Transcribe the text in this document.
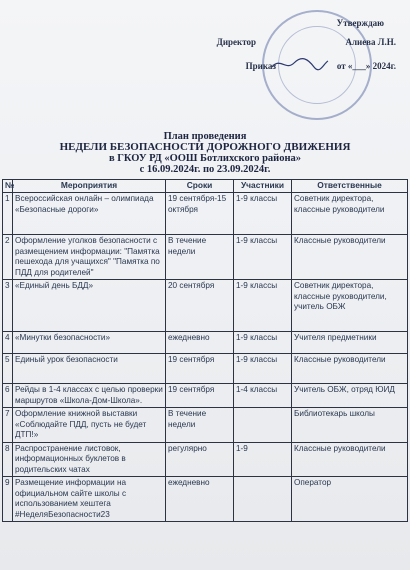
Утверждаю
Директор	Алиева Л.Н.
Приказ	от «___» 2024г.
План проведения
НЕДЕЛИ БЕЗОПАСНОСТИ ДОРОЖНОГО ДВИЖЕНИЯ
в ГКОУ РД «ООШ Ботлихского района»
с 16.09.2024г. по 23.09.2024г.
№	Мероприятия	Сроки	Участники	Ответственные
1	Всероссийская онлайн – олимпиада «Безопасные дороги»	19 сентября-15 октября	1-9 классы	Советник директора, классные руководители
2	Оформление уголков безопасности с размещением информации: "Памятка пешехода для учащихся" "Памятка по ПДД для родителей"	В течение недели	1-9 классы	Классные руководители
3	«Единый день БДД»	20 сентября	1-9 классы	Советник директора, классные руководители, учитель ОБЖ
4	«Минутки безопасности»	ежедневно	1-9 классы	Учителя предметники
5	Единый урок безопасности	19 сентября	1-9 классы	Классные руководители
6	Рейды в 1-4 классах с целью проверки маршрутов «Школа-Дом-Школа».	19 сентября	1-4 классы	Учитель ОБЖ, отряд ЮИД
7	Оформление книжной выставки «Соблюдайте ПДД, пусть не будет ДТП!»	В течение недели		Библиотекарь школы
8	Распространение листовок, информационных буклетов в родительских чатах	регулярно	1-9	Классные руководители
9	Размещение информации на официальном сайте школы с использованием хештега #НеделяБезопасности23	ежедневно		Оператор
